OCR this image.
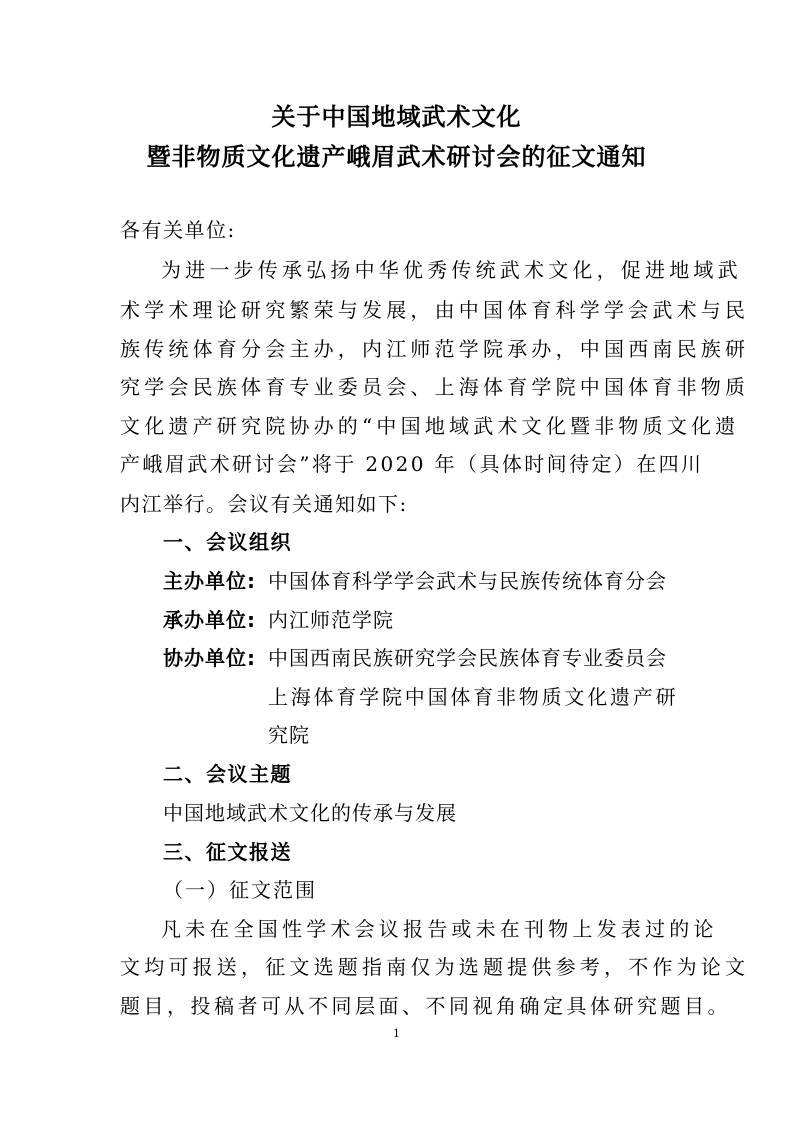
关于中国地域武术文化
暨非物质文化遗产峨眉武术研讨会的征文通知
各有关单位:
为进一步传承弘扬中华优秀传统武术文化，促进地域武
术学术理论研究繁荣与发展，由中国体育科学学会武术与民
族传统体育分会主办，内江师范学院承办，中国西南民族研
究学会民族体育专业委员会、上海体育学院中国体育非物质
文化遗产研究院协办的“中国地域武术文化暨非物质文化遗
产峨眉武术研讨会”将于 2020 年（具体时间待定）在四川
内江举行。会议有关通知如下:
一、会议组织
主办单位: 中国体育科学学会武术与民族传统体育分会
承办单位: 内江师范学院
协办单位: 中国西南民族研究学会民族体育专业委员会
上海体育学院中国体育非物质文化遗产研
究院
二、会议主题
中国地域武术文化的传承与发展
三、征文报送
（一）征文范围
凡未在全国性学术会议报告或未在刊物上发表过的论
文均可报送，征文选题指南仅为选题提供参考，不作为论文
题目，投稿者可从不同层面、不同视角确定具体研究题目。
1
